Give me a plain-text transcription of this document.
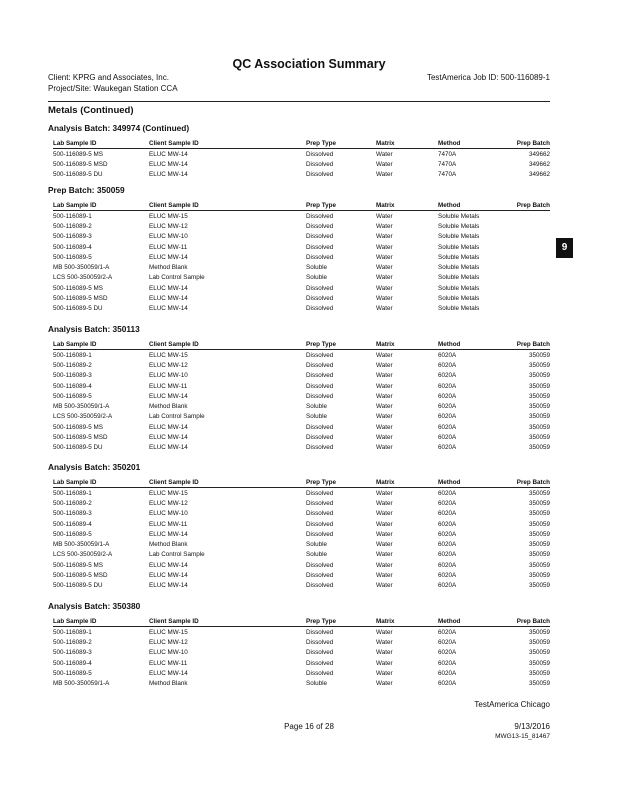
QC Association Summary
Client: KPRG and Associates, Inc.	TestAmerica Job ID: 500-116089-1
Project/Site: Waukegan Station CCA
Metals (Continued)
Analysis Batch: 349974 (Continued)
Lab Sample ID	Client Sample ID	Prep Type	Matrix	Method	Prep Batch
500-116089-5 MS	ELUC MW-14	Dissolved	Water	7470A	349662
500-116089-5 MSD	ELUC MW-14	Dissolved	Water	7470A	349662
500-116089-5 DU	ELUC MW-14	Dissolved	Water	7470A	349662
Prep Batch: 350059
Lab Sample ID	Client Sample ID	Prep Type	Matrix	Method	Prep Batch
500-116089-1	ELUC MW-15	Dissolved	Water	Soluble Metals	
500-116089-2	ELUC MW-12	Dissolved	Water	Soluble Metals	
500-116089-3	ELUC MW-10	Dissolved	Water	Soluble Metals	
500-116089-4	ELUC MW-11	Dissolved	Water	Soluble Metals	
500-116089-5	ELUC MW-14	Dissolved	Water	Soluble Metals	
MB 500-350059/1-A	Method Blank	Soluble	Water	Soluble Metals	
LCS 500-350059/2-A	Lab Control Sample	Soluble	Water	Soluble Metals	
500-116089-5 MS	ELUC MW-14	Dissolved	Water	Soluble Metals	
500-116089-5 MSD	ELUC MW-14	Dissolved	Water	Soluble Metals	
500-116089-5 DU	ELUC MW-14	Dissolved	Water	Soluble Metals	
Analysis Batch: 350113
Lab Sample ID	Client Sample ID	Prep Type	Matrix	Method	Prep Batch
500-116089-1	ELUC MW-15	Dissolved	Water	6020A	350059
500-116089-2	ELUC MW-12	Dissolved	Water	6020A	350059
500-116089-3	ELUC MW-10	Dissolved	Water	6020A	350059
500-116089-4	ELUC MW-11	Dissolved	Water	6020A	350059
500-116089-5	ELUC MW-14	Dissolved	Water	6020A	350059
MB 500-350059/1-A	Method Blank	Soluble	Water	6020A	350059
LCS 500-350059/2-A	Lab Control Sample	Soluble	Water	6020A	350059
500-116089-5 MS	ELUC MW-14	Dissolved	Water	6020A	350059
500-116089-5 MSD	ELUC MW-14	Dissolved	Water	6020A	350059
500-116089-5 DU	ELUC MW-14	Dissolved	Water	6020A	350059
Analysis Batch: 350201
Lab Sample ID	Client Sample ID	Prep Type	Matrix	Method	Prep Batch
500-116089-1	ELUC MW-15	Dissolved	Water	6020A	350059
500-116089-2	ELUC MW-12	Dissolved	Water	6020A	350059
500-116089-3	ELUC MW-10	Dissolved	Water	6020A	350059
500-116089-4	ELUC MW-11	Dissolved	Water	6020A	350059
500-116089-5	ELUC MW-14	Dissolved	Water	6020A	350059
MB 500-350059/1-A	Method Blank	Soluble	Water	6020A	350059
LCS 500-350059/2-A	Lab Control Sample	Soluble	Water	6020A	350059
500-116089-5 MS	ELUC MW-14	Dissolved	Water	6020A	350059
500-116089-5 MSD	ELUC MW-14	Dissolved	Water	6020A	350059
500-116089-5 DU	ELUC MW-14	Dissolved	Water	6020A	350059
Analysis Batch: 350380
Lab Sample ID	Client Sample ID	Prep Type	Matrix	Method	Prep Batch
500-116089-1	ELUC MW-15	Dissolved	Water	6020A	350059
500-116089-2	ELUC MW-12	Dissolved	Water	6020A	350059
500-116089-3	ELUC MW-10	Dissolved	Water	6020A	350059
500-116089-4	ELUC MW-11	Dissolved	Water	6020A	350059
500-116089-5	ELUC MW-14	Dissolved	Water	6020A	350059
MB 500-350059/1-A	Method Blank	Soluble	Water	6020A	350059
9
TestAmerica Chicago
Page 16 of 28	9/13/2016
MWG13-15_81467
